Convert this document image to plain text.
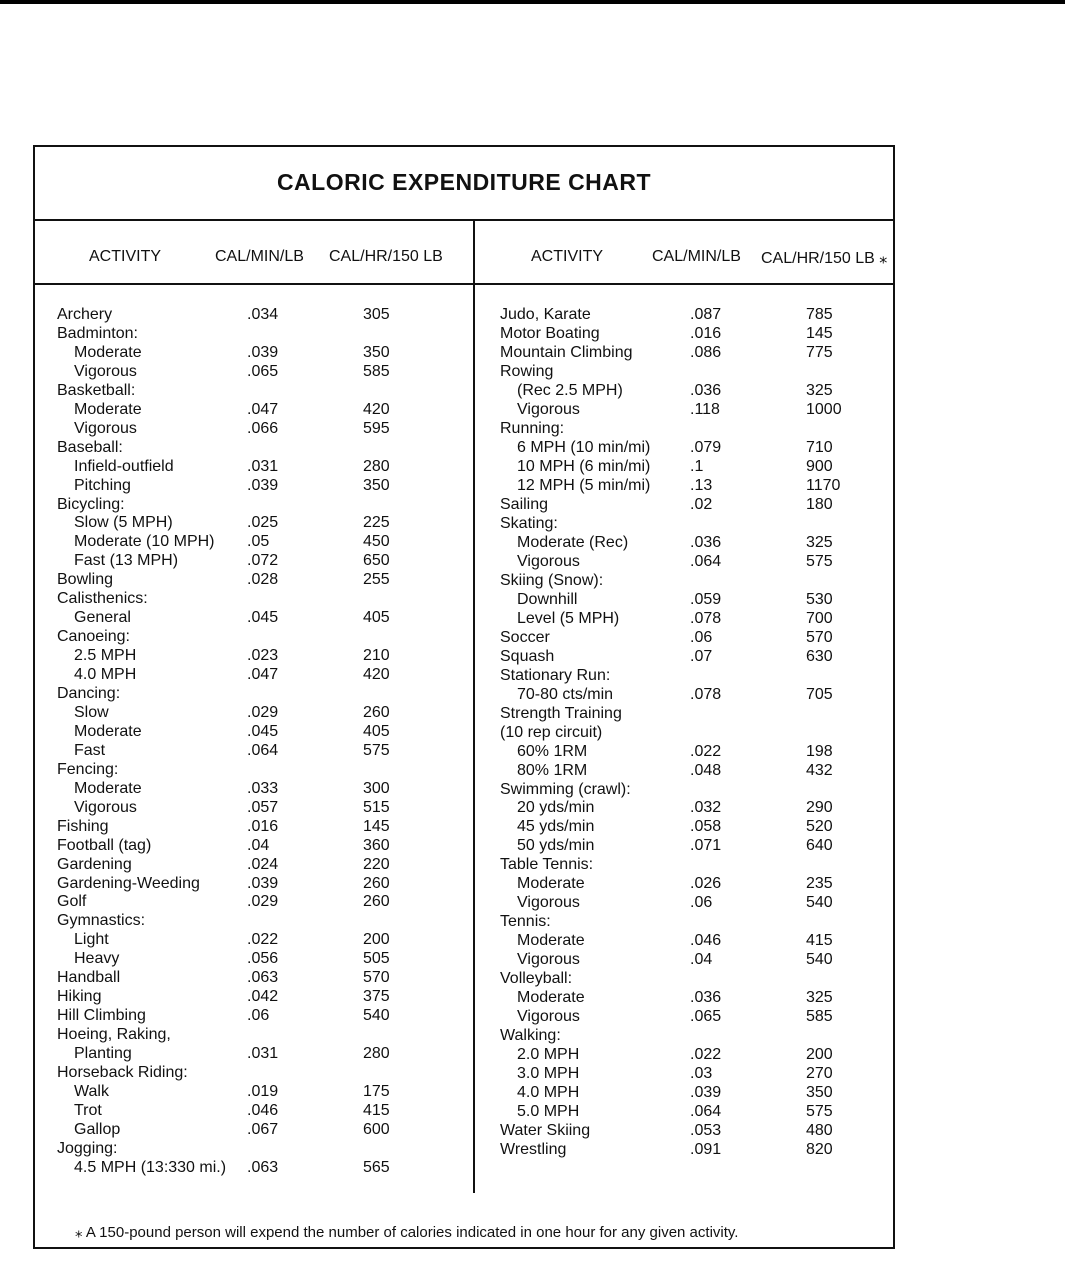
CALORIC EXPENDITURE CHART
ACTIVITY	CAL/MIN/LB CAL/HR/150 LB	ACTIVITY	CAL/MIN/LB CAL/HR/150 LB ⁎
Archery	.034	305
Badminton:
Moderate	.039	350
Vigorous	.065	585
Basketball:
Moderate	.047	420
Vigorous	.066	595
Baseball:
Infield-outfield	.031	280
Pitching	.039	350
Bicycling:
Slow (5 MPH)	.025	225
Moderate (10 MPH) .05	450
Fast (13 MPH)	.072	650
Bowling	.028	255
Calisthenics:
General	.045	405
Canoeing:
2.5 MPH	.023	210
4.0 MPH	.047	420
Dancing:
Slow	.029	260
Moderate	.045	405
Fast	.064	575
Fencing:
Moderate	.033	300
Vigorous	.057	515
Fishing	.016	145
Football (tag)	.04	360
Gardening	.024	220
Gardening-Weeding	.039	260
Golf	.029	260
Gymnastics:
Light	.022	200
Heavy	.056	505
Handball	.063	570
Hiking	.042	375
Hill Climbing	.06	540
Hoeing, Raking,
Planting	.031	280
Horseback Riding:
Walk	.019	175
Trot	.046	415
Gallop	.067	600
Jogging:
4.5 MPH (13:330 mi.) .063	565
Judo, Karate	.087	785
Motor Boating	.016	145
Mountain Climbing	.086	775
Rowing
(Rec 2.5 MPH)	.036	325
Vigorous	.118	1000
Running:
6 MPH (10 min/mi) .079	710
10 MPH (6 min/mi) .1	900
12 MPH (5 min/mi) .13	1170
Sailing	.02	180
Skating:
Moderate (Rec)	.036	325
Vigorous	.064	575
Skiing (Snow):
Downhill	.059	530
Level (5 MPH)	.078	700
Soccer	.06	570
Squash	.07	630
Stationary Run:
70-80 cts/min	.078	705
Strength Training
(10 rep circuit)
60% 1RM	.022	198
80% 1RM	.048	432
Swimming (crawl):
20 yds/min	.032	290
45 yds/min	.058	520
50 yds/min	.071	640
Table Tennis:
Moderate	.026	235
Vigorous	.06	540
Tennis:
Moderate	.046	415
Vigorous	.04	540
Volleyball:
Moderate	.036	325
Vigorous	.065	585
Walking:
2.0 MPH	.022	200
3.0 MPH	.03	270
4.0 MPH	.039	350
5.0 MPH	.064	575
Water Skiing	.053	480
Wrestling	.091	820
⁎ A 150-pound person will expend the number of calories indicated in one hour for any given activity.
